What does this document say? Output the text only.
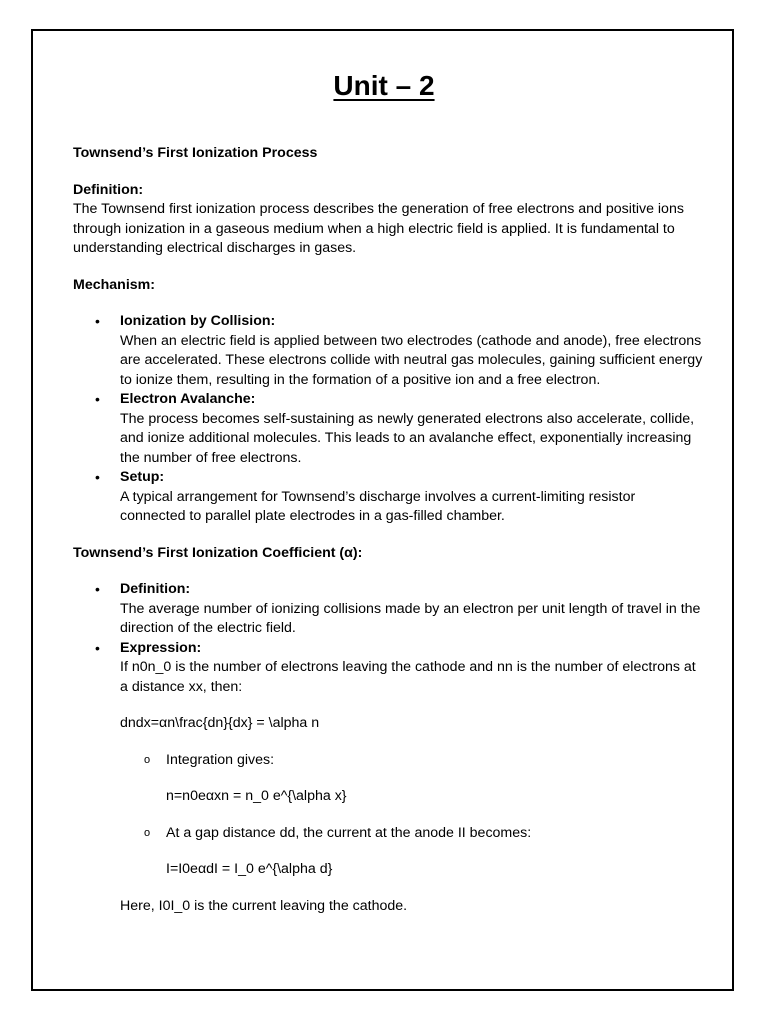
Unit – 2

Townsend’s First Ionization Process

Definition:

The Townsend first ionization process describes the generation of free electrons and positive ions through ionization in a gaseous medium when a high electric field is applied. It is fundamental to understanding electrical discharges in gases.

Mechanism:

• Ionization by Collision:

When an electric field is applied between two electrodes (cathode and anode), free electrons are accelerated. These electrons collide with neutral gas molecules, gaining sufficient energy to ionize them, resulting in the formation of a positive ion and a free electron.

• Electron Avalanche:

The process becomes self-sustaining as newly generated electrons also accelerate, collide, and ionize additional molecules. This leads to an avalanche effect, exponentially increasing the number of free electrons.

• Setup:

A typical arrangement for Townsend’s discharge involves a current-limiting resistor connected to parallel plate electrodes in a gas-filled chamber.

Townsend’s First Ionization Coefficient (α):

• Definition:

The average number of ionizing collisions made by an electron per unit length of travel in the direction of the electric field.

• Expression:

If n0n_0 is the number of electrons leaving the cathode and nn is the number of electrons at a distance xx, then:

dndx=αn\frac{dn}{dx} = \alpha n

o Integration gives:

n=n0eαxn = n_0 e^{\alpha x}

o At a gap distance dd, the current at the anode II becomes:

I=I0eαdI = I_0 e^{\alpha d}

Here, I0I_0 is the current leaving the cathode.
